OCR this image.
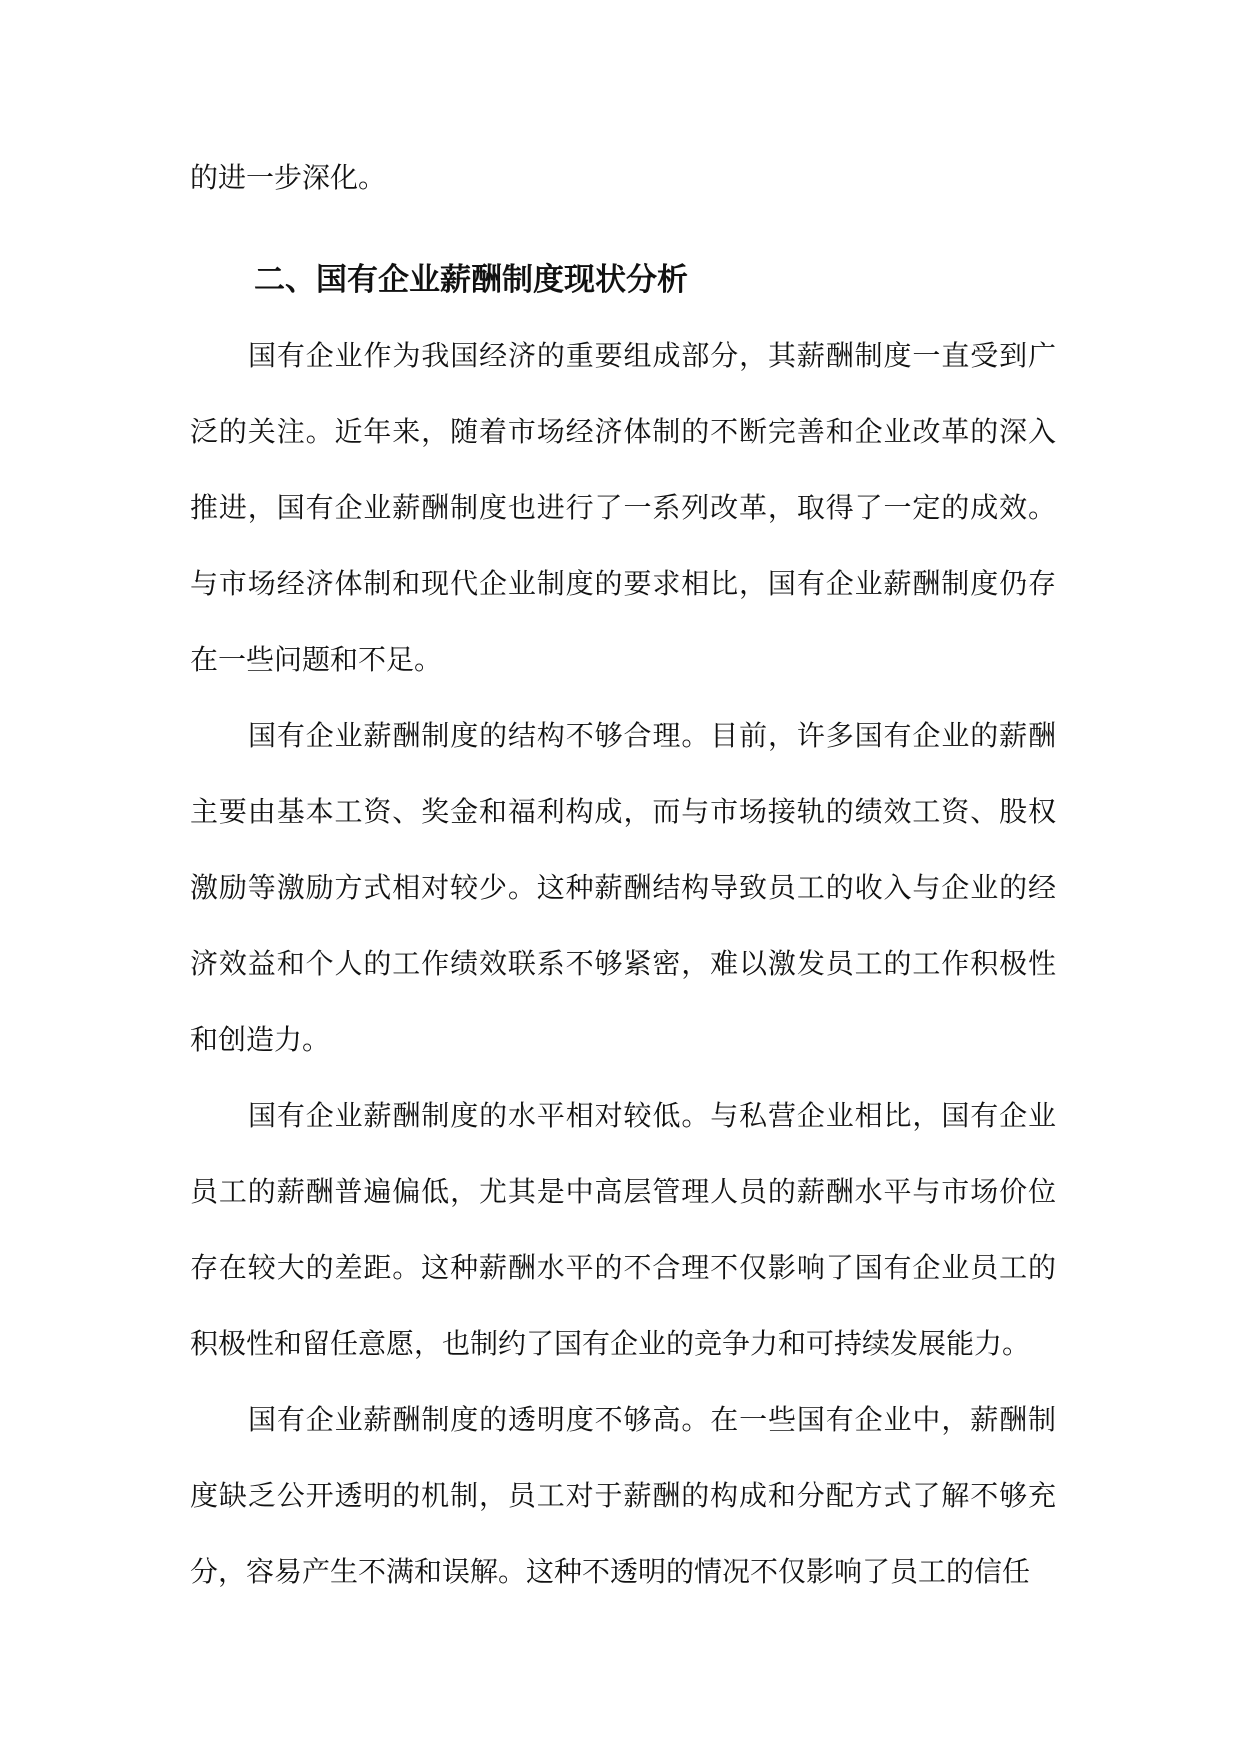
的进一步深化。

二、国有企业薪酬制度现状分析

国有企业作为我国经济的重要组成部分，其薪酬制度一直受到广泛的关注。近年来，随着市场经济体制的不断完善和企业改革的深入推进，国有企业薪酬制度也进行了一系列改革，取得了一定的成效。与市场经济体制和现代企业制度的要求相比，国有企业薪酬制度仍存在一些问题和不足。

国有企业薪酬制度的结构不够合理。目前，许多国有企业的薪酬主要由基本工资、奖金和福利构成，而与市场接轨的绩效工资、股权激励等激励方式相对较少。这种薪酬结构导致员工的收入与企业的经济效益和个人的工作绩效联系不够紧密，难以激发员工的工作积极性和创造力。

国有企业薪酬制度的水平相对较低。与私营企业相比，国有企业员工的薪酬普遍偏低，尤其是中高层管理人员的薪酬水平与市场价位存在较大的差距。这种薪酬水平的不合理不仅影响了国有企业员工的积极性和留任意愿，也制约了国有企业的竞争力和可持续发展能力。

国有企业薪酬制度的透明度不够高。在一些国有企业中，薪酬制度缺乏公开透明的机制，员工对于薪酬的构成和分配方式了解不够充分，容易产生不满和误解。这种不透明的情况不仅影响了员工的信任
